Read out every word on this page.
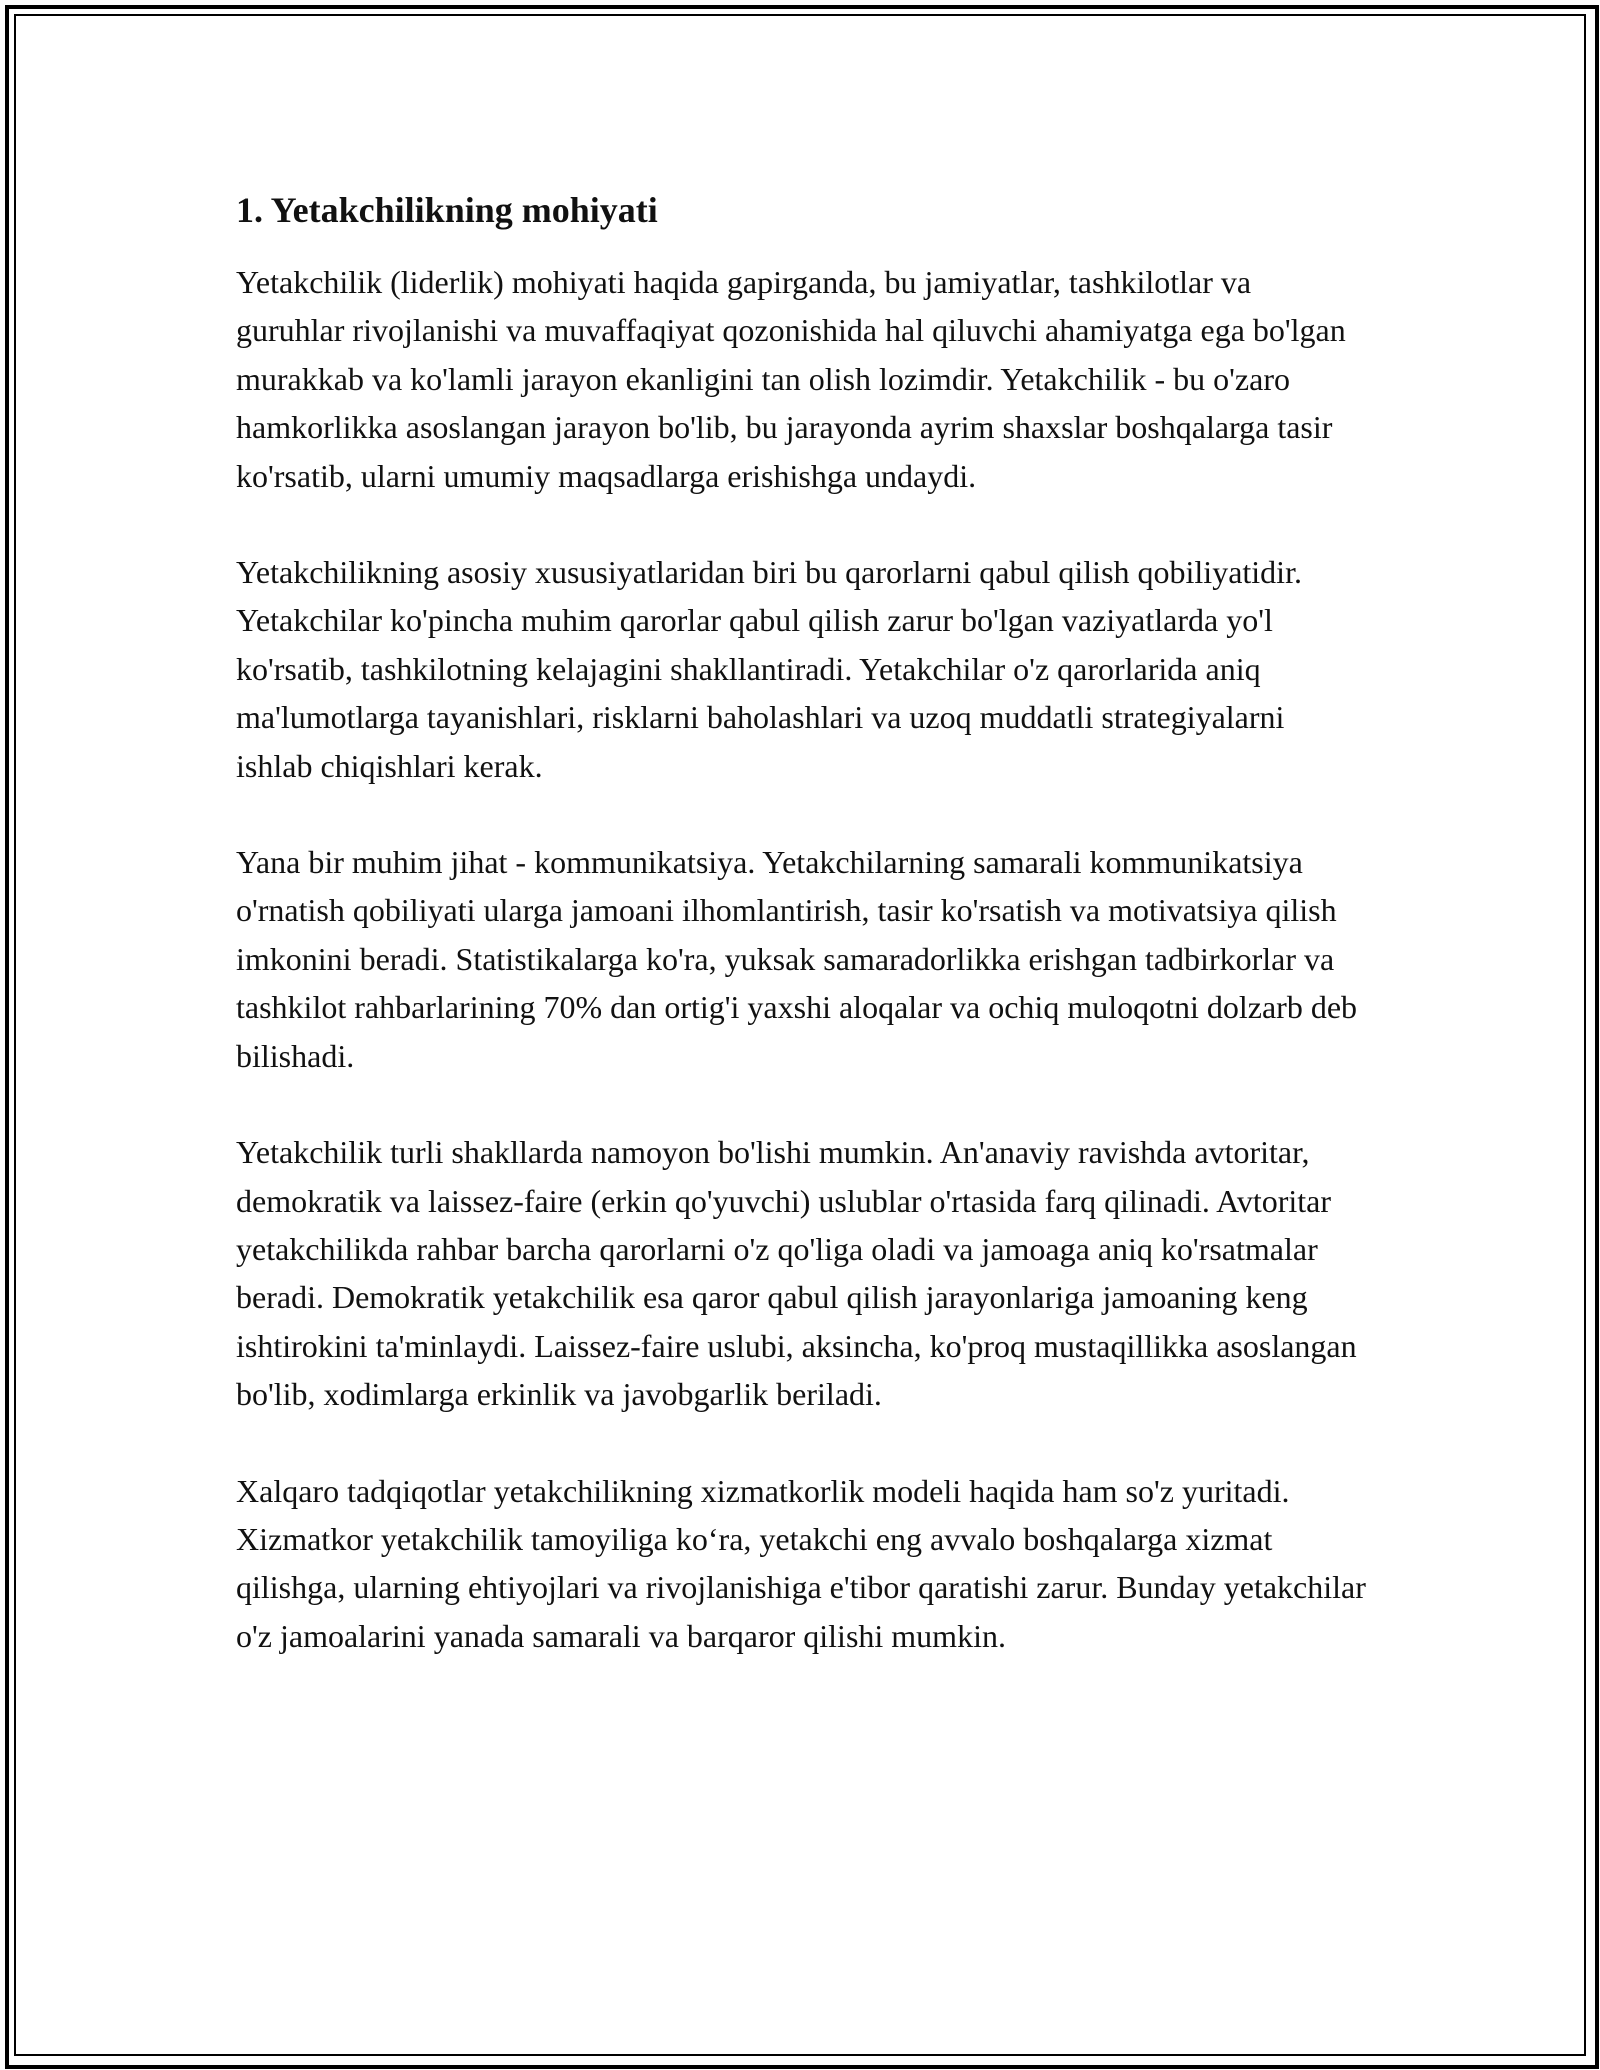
1. Yetakchilikning mohiyati

Yetakchilik (liderlik) mohiyati haqida gapirganda, bu jamiyatlar, tashkilotlar va guruhlar rivojlanishi va muvaffaqiyat qozonishida hal qiluvchi ahamiyatga ega bo'lgan murakkab va ko'lamli jarayon ekanligini tan olish lozimdir. Yetakchilik - bu o'zaro hamkorlikka asoslangan jarayon bo'lib, bu jarayonda ayrim shaxslar boshqalarga tasir ko'rsatib, ularni umumiy maqsadlarga erishishga undaydi.

Yetakchilikning asosiy xususiyatlaridan biri bu qarorlarni qabul qilish qobiliyatidir. Yetakchilar ko'pincha muhim qarorlar qabul qilish zarur bo'lgan vaziyatlarda yo'l ko'rsatib, tashkilotning kelajagini shakllantiradi. Yetakchilar o'z qarorlarida aniq ma'lumotlarga tayanishlari, risklarni baholashlari va uzoq muddatli strategiyalarni ishlab chiqishlari kerak.

Yana bir muhim jihat - kommunikatsiya. Yetakchilarning samarali kommunikatsiya o'rnatish qobiliyati ularga jamoani ilhomlantirish, tasir ko'rsatish va motivatsiya qilish imkonini beradi. Statistikalarga ko'ra, yuksak samaradorlikka erishgan tadbirkorlar va tashkilot rahbarlarining 70% dan ortig'i yaxshi aloqalar va ochiq muloqotni dolzarb deb bilishadi.

Yetakchilik turli shakllarda namoyon bo'lishi mumkin. An'anaviy ravishda avtoritar, demokratik va laissez-faire (erkin qo'yuvchi) uslublar o'rtasida farq qilinadi. Avtoritar yetakchilikda rahbar barcha qarorlarni o'z qo'liga oladi va jamoaga aniq ko'rsatmalar beradi. Demokratik yetakchilik esa qaror qabul qilish jarayonlariga jamoaning keng ishtirokini ta'minlaydi. Laissez-faire uslubi, aksincha, ko'proq mustaqillikka asoslangan bo'lib, xodimlarga erkinlik va javobgarlik beriladi.

Xalqaro tadqiqotlar yetakchilikning xizmatkorlik modeli haqida ham so'z yuritadi. Xizmatkor yetakchilik tamoyiliga ko‘ra, yetakchi eng avvalo boshqalarga xizmat qilishga, ularning ehtiyojlari va rivojlanishiga e'tibor qaratishi zarur. Bunday yetakchilar o'z jamoalarini yanada samarali va barqaror qilishi mumkin.
